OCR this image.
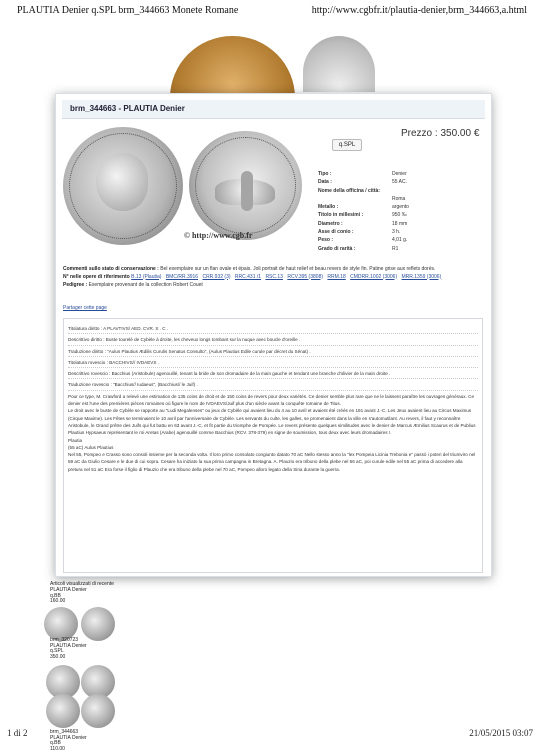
PLAUTIA Denier q.SPL brm_344663 Monete Romane	http://www.cgbfr.it/plautia-denier,brm_344663,a.html
brm_344663 - PLAUTIA Denier
Prezzo : 350.00 €
q.SPL
© http://www.cgb.fr
Tipo :	Denier
Data :	55 AC.
Nome della officina / città:
Roma
Metallo :	argento
Titolo in millesimi :	950 ‰
Diametro :	18 mm
Asse di conio :	3 h.
Peso :	4,01 g.
Grado di rarità :	R1
Commenti sullo stato di conservazione : Bel exemplaire sur un flan ovale et épais. Joli portrait de haut relief et beau revers de style fin. Patine grise aux reflets dorés.
N° nelle opere di riferimento B.13 (Plautia) BMC/RR.3916 CRR.932 (3) RRC.431 /1 RSC.13 RCV.395 (3808) RRM.18 CMDRR.1002 (3006) MRR.1359 (3006)
Pedigree : Exemplaire provenant de la collection Robert Couet
Partager cette page
Titolatura diritto : A PLAVTIVS/ AED. CVR. S . C .
Descrittivo diritto : Buste tourelé de Cybèle à droite, les cheveux longs tombant sur la nuque avec boucle d'oreille .
Traduzione diritto : "Aulus Plautius Ædilis Curulis Senatus Consulto", (Aulus Plautius Edile curule par décret du Sénat) .
Titolatura rovescio : BACCHIVS// IVDAEVS .
Descrittivo rovescio : Bacchius (Aristobule) agenouillé, tenant la bride de son dromadaire de la main gauche et tendant une branche d'olivier de la main droite .
Traduzione rovescio : "Bacchius// Iudaeus", (Bacchius// le Juif) .
Pour ce type, M. Crawford a relevé une estimation de 135 coins de droit et de 150 coins de revers pour deux variétés. Ce denier semble plus rare que ne le laissent paraître les ouvrages généraux. Ce denier est l'une des premières pièces romaines où figure le nom de IVDAEVS/Juif plus d'un siècle avant la conquête romaine de Titus.
Le droit avec le buste de Cybèle se rapporte au "Ludi Megalenses" ou jeux de Cybèle qui avaient lieu du 4 au 10 avril et avaient été créés en 191 avant J.-C. Les Jeux avaient lieu au Circus Maximus (Cirque Maxime). Les Fêtes se terminaient le 10 avril par l'anniversaire de Cybèle. Les servants du culte, les galles, se promenaient dans la ville en s'automutilant. Au revers, il faut y reconnaître Aristobule, le Grand prêtre des Juifs qui fut battu en 63 avant J.-C. et fit partie du triomphe de Pompée. Le revers présente quelques similitudes avec le denier de Marcus Æmilius Scaurus et de Publius Plautius Hypsaeus représentant le roi Aretas (Arabe) agenouillé comme Bacchius (RCV. 378-379) en signe de soumission, tous deux avec leurs dromadaires !.
Plautia
(55 aC) Aulus Plautius
Nel 55, Pompeo e Crasso sono consoli insieme per la seconda volta. Il loro primo consolato congiunto datato 70 aC Nello stesso anno la "lex Pompeia Licinia Trebonia e" passò i poteri del triumviro nel 59 aC da Giulio Cesare e le due di cui sopra. Cesare ha iniziato la sua prima campagna in Bretagna. A. Plauzio era tribuno della plebe nel 56 aC, poi curule edile nel 55 aC prima di accedere alla pretura nel 51 aC Era forse il figlio di Plauzio che era tribuno della plebe nel 70 aC, Pompeo alloro legato della Siria durante la guerra.
Articoli visualizzati di recente
PLAUTIA Denier
q.BB
160.00
brm_320723
PLAUTIA Denier
q.SPL
350.00
brm_344663
PLAUTIA Denier
q.BB
110.00
1 di 2	21/05/2015 03:07
